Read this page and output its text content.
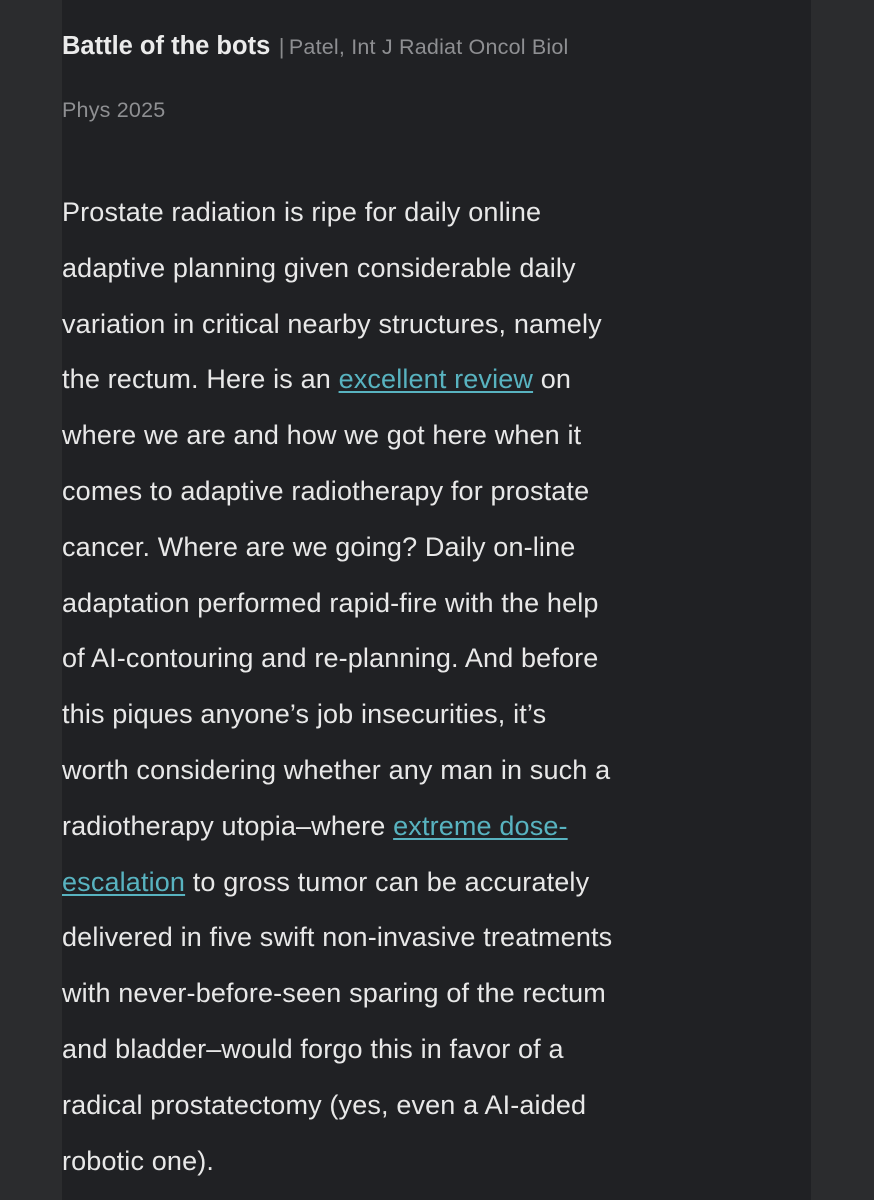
Battle of the bots | Patel, Int J Radiat Oncol Biol
Phys 2025
Prostate radiation is ripe for daily online
adaptive planning given considerable daily
variation in critical nearby structures, namely
the rectum. Here is an excellent review on
where we are and how we got here when it
comes to adaptive radiotherapy for prostate
cancer. Where are we going? Daily on-line
adaptation performed rapid-fire with the help
of AI-contouring and re-planning. And before
this piques anyone’s job insecurities, it’s
worth considering whether any man in such a
radiotherapy utopia–where extreme dose-
escalation to gross tumor can be accurately
delivered in five swift non-invasive treatments
with never-before-seen sparing of the rectum
and bladder–would forgo this in favor of a
radical prostatectomy (yes, even a AI-aided
robotic one).
